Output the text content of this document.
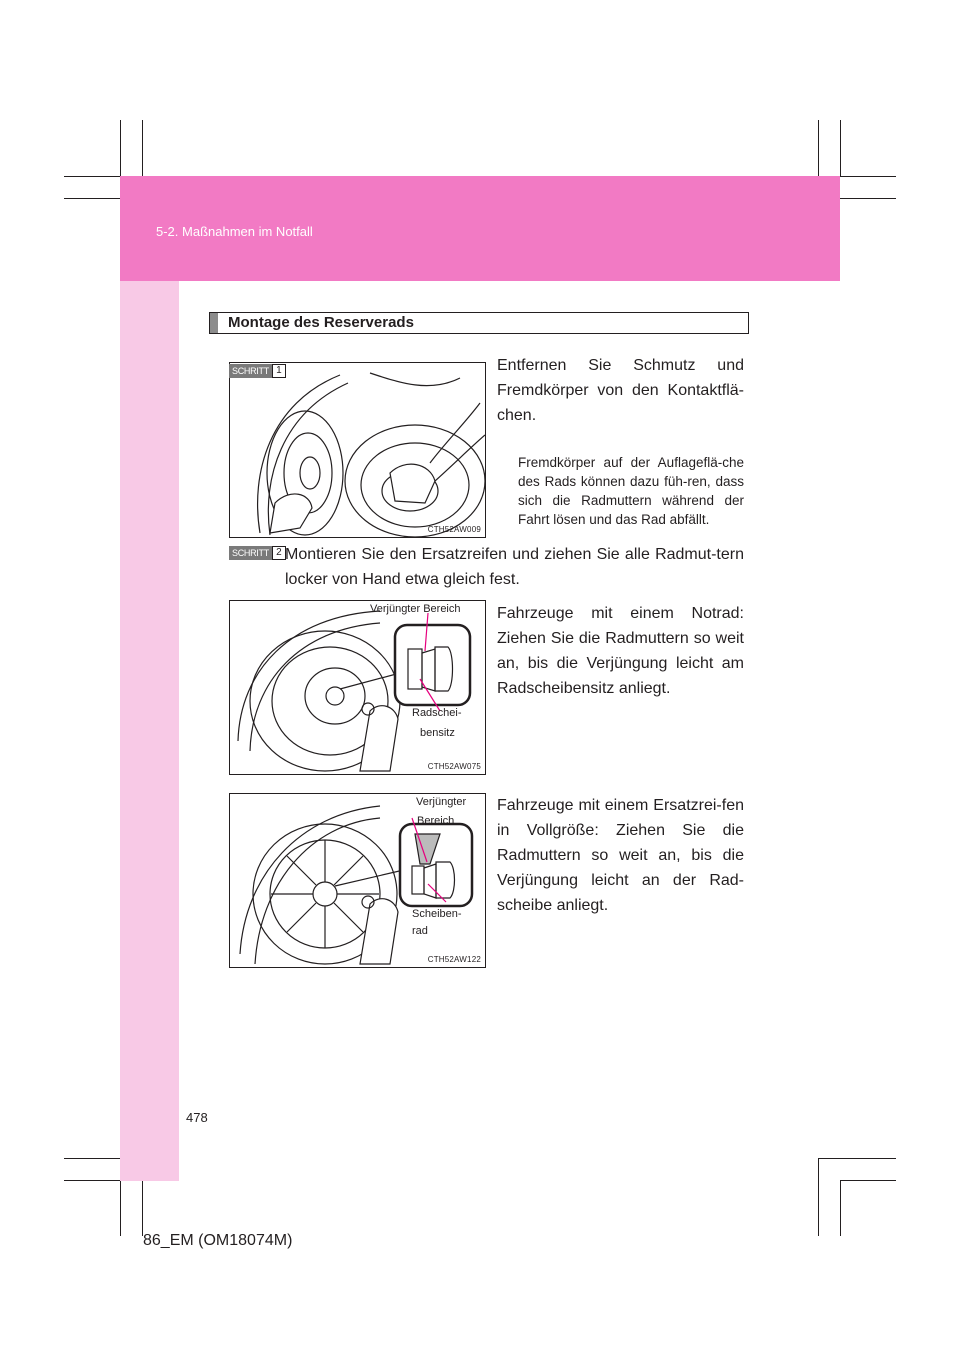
5-2. Maßnahmen im Notfall
Montage des Reserverads
CTH52AW009
SCHRITT 1	Entfernen Sie Schmutz und Fremdkörper von den Kontaktflä-chen.
Fremdkörper auf der Auflageflä-che des Rads können dazu füh-ren, dass sich die Radmuttern während der Fahrt lösen und das Rad abfällt.
SCHRITT 2 Montieren Sie den Ersatzreifen und ziehen Sie alle Radmut-tern locker von Hand etwa gleich fest.
Verjüngter Bereich
Radschei-
bensitz
CTH52AW075
Fahrzeuge mit einem Notrad: Ziehen Sie die Radmuttern so weit an, bis die Verjüngung leicht am Radscheibensitz anliegt.
Verjüngter
Bereich
Scheiben-
rad
CTH52AW122
Fahrzeuge mit einem Ersatzrei-fen in Vollgröße: Ziehen Sie die Radmuttern so weit an, bis die Verjüngung leicht an der Rad-scheibe anliegt.
478
86_EM (OM18074M)
